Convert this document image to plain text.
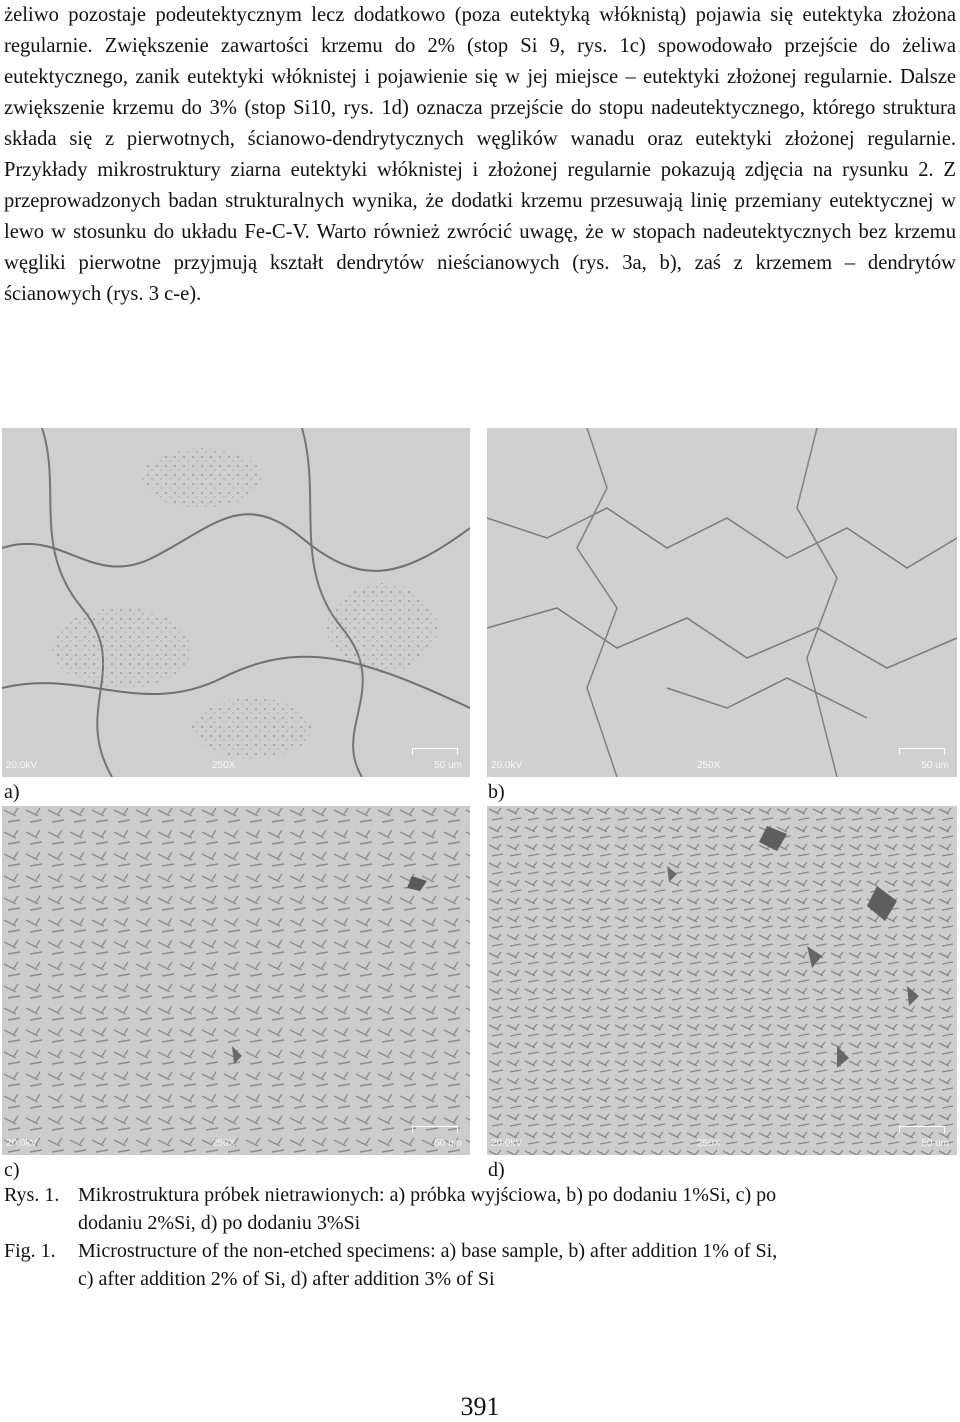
żeliwo pozostaje podeutektycznym lecz dodatkowo (poza eutektyką włóknistą) pojawia się eutektyka złożona regularnie. Zwiększenie zawartości krzemu do 2% (stop Si 9, rys. 1c) spowodowało przejście do żeliwa eutektycznego, zanik eutektyki włóknistej i pojawienie się w jej miejsce – eutektyki złożonej regularnie. Dalsze zwiększenie krzemu do 3% (stop Si10, rys. 1d) oznacza przejście do stopu nadeutektycznego, którego struktura składa się z pierwotnych, ścianowo-dendrytycznych węglików wanadu oraz eutektyki złożonej regularnie. Przykłady mikrostruktury ziarna eutektyki włóknistej i złożonej regularnie pokazują zdjęcia na rysunku 2. Z przeprowadzonych badan strukturalnych wynika, że dodatki krzemu przesuwają linię przemiany eutektycznej w lewo w stosunku do układu Fe-C-V. Warto również zwrócić uwagę, że w stopach nadeutektycznych bez krzemu węgliki pierwotne przyjmują kształt dendrytów nieścianowych (rys. 3a, b), zaś z krzemem – dendrytów ścianowych (rys. 3 c-e).

20.0kV	250X	50 um	20.0kV	250X	50 um
20.0kV	250X	50 um	20.0kV	250X	50 um
a)	b)
c)	d)
Rys. 1. Mikrostruktura próbek nietrawionych: a) próbka wyjściowa, b) po dodaniu 1%Si, c) po
dodaniu 2%Si, d) po dodaniu 3%Si
Fig. 1. Microstructure of the non-etched specimens: a) base sample, b) after addition 1% of Si,
c) after addition 2% of Si, d) after addition 3% of Si
391
